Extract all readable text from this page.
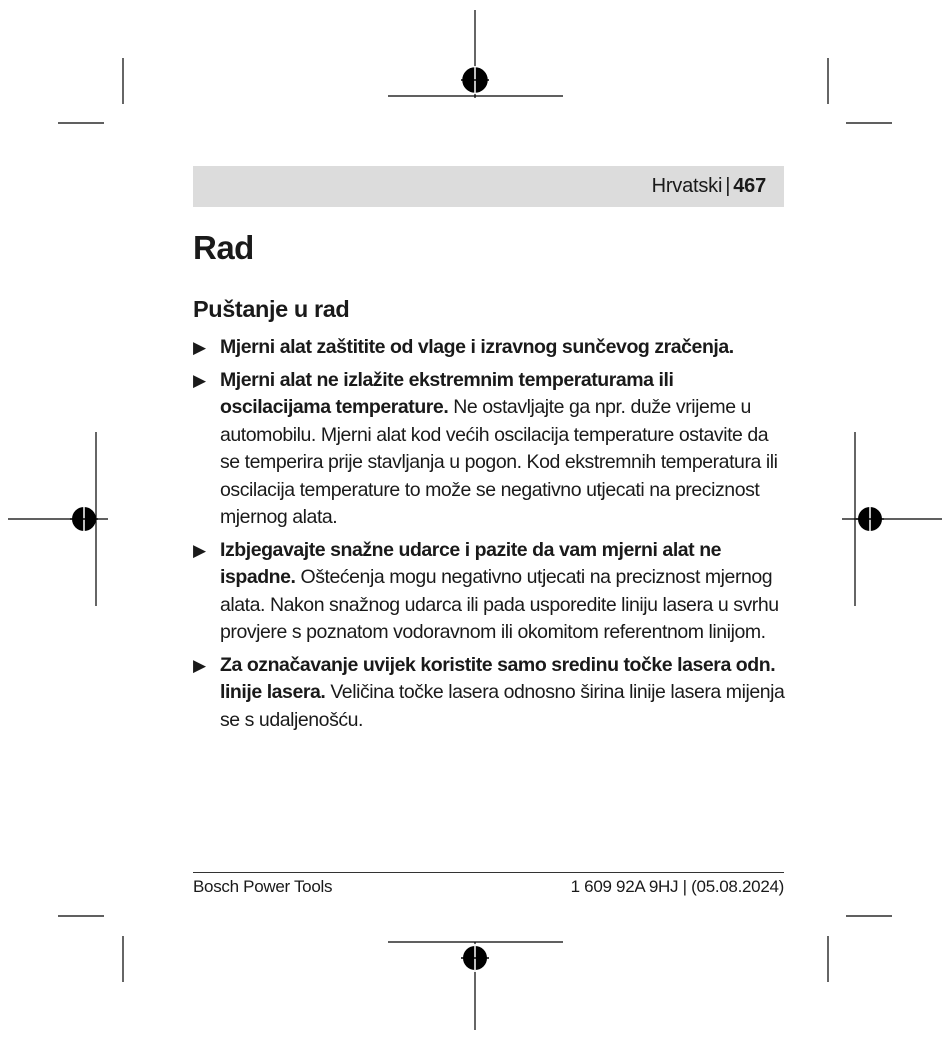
Hrvatski | 467
Rad
Puštanje u rad
▶ Mjerni alat zaštitite od vlage i izravnog sunčevog zračenja.
▶ Mjerni alat ne izlažite ekstremnim temperaturama ili oscilacijama temperature. Ne ostavljajte ga npr. duže vrijeme u automobilu. Mjerni alat kod većih oscilacija temperature ostavite da se temperira prije stavljanja u pogon. Kod ekstremnih temperatura ili oscilacija temperature to može se negativno utjecati na preciznost mjernog alata.
▶ Izbjegavajte snažne udarce i pazite da vam mjerni alat ne ispadne. Oštećenja mogu negativno utjecati na preciznost mjernog alata. Nakon snažnog udarca ili pada usporedite liniju lasera u svrhu provjere s poznatom vodoravnom ili okomitom referentnom linijom.
▶ Za označavanje uvijek koristite samo sredinu točke lasera odn. linije lasera. Veličina točke lasera odnosno širina linije lasera mijenja se s udaljenošću.
Bosch Power Tools	1 609 92A 9HJ | (05.08.2024)
